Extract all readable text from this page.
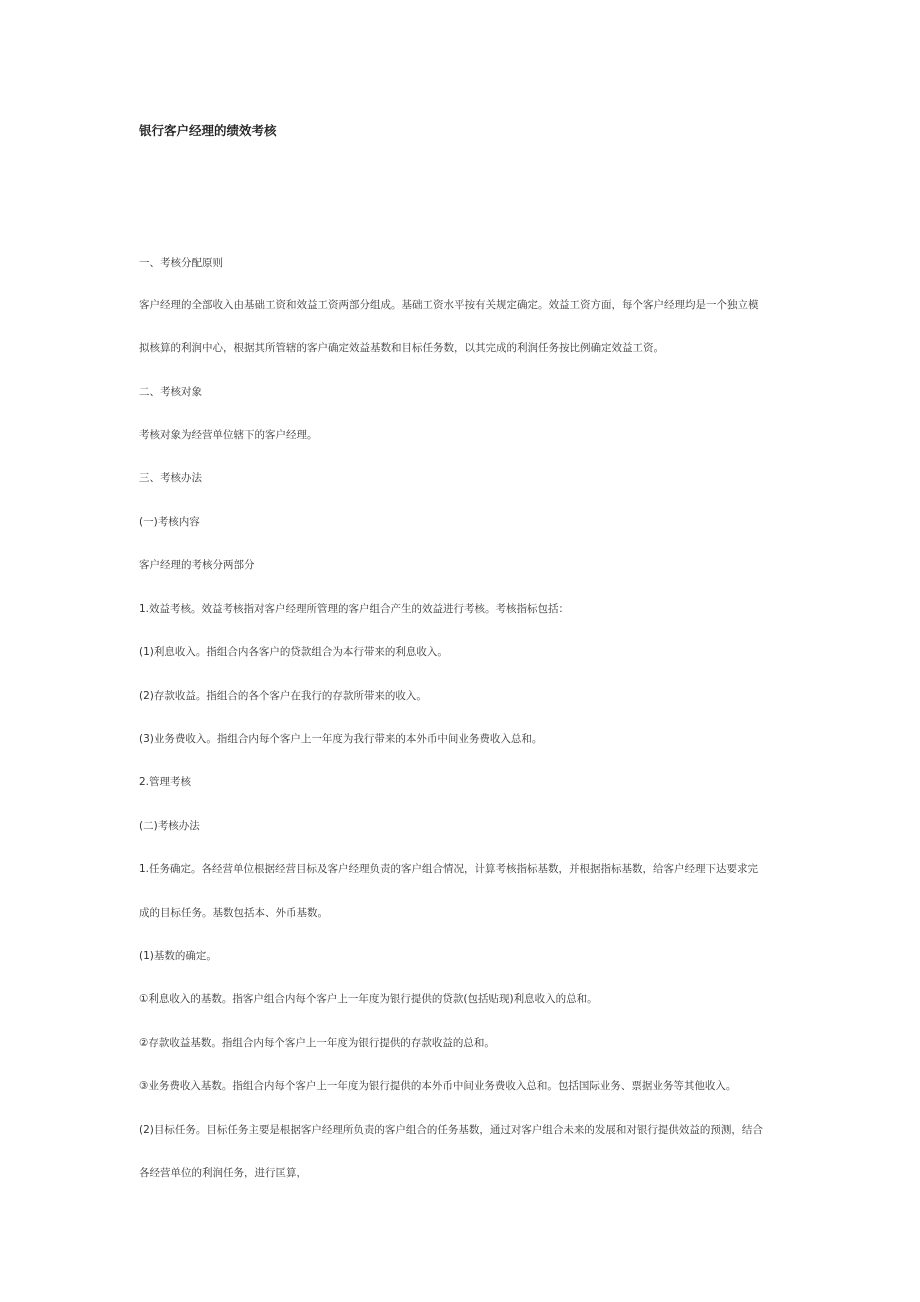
银行客户经理的绩效考核
一、考核分配原则
客户经理的全部收入由基础工资和效益工资两部分组成。基础工资水平按有关规定确定。效益工资方面，每个客户经理均是一个独立模
拟核算的利润中心，根据其所管辖的客户确定效益基数和目标任务数，以其完成的利润任务按比例确定效益工资。
二、考核对象
考核对象为经营单位辖下的客户经理。
三、考核办法
(一)考核内容
客户经理的考核分两部分
1.效益考核。效益考核指对客户经理所管理的客户组合产生的效益进行考核。考核指标包括：
(1)利息收入。指组合内各客户的贷款组合为本行带来的利息收入。
(2)存款收益。指组合的各个客户在我行的存款所带来的收入。
(3)业务费收入。指组合内每个客户上一年度为我行带来的本外币中间业务费收入总和。
2.管理考核
(二)考核办法
1.任务确定。各经营单位根据经营目标及客户经理负责的客户组合情况，计算考核指标基数，并根据指标基数，给客户经理下达要求完
成的目标任务。基数包括本、外币基数。
(1)基数的确定。
①利息收入的基数。指客户组合内每个客户上一年度为银行提供的贷款(包括贴现)利息收入的总和。
②存款收益基数。指组合内每个客户上一年度为银行提供的存款收益的总和。
③业务费收入基数。指组合内每个客户上一年度为银行提供的本外币中间业务费收入总和。包括国际业务、票据业务等其他收入。
(2)目标任务。目标任务主要是根据客户经理所负责的客户组合的任务基数，通过对客户组合未来的发展和对银行提供效益的预测，结合
各经营单位的利润任务，进行匡算，
